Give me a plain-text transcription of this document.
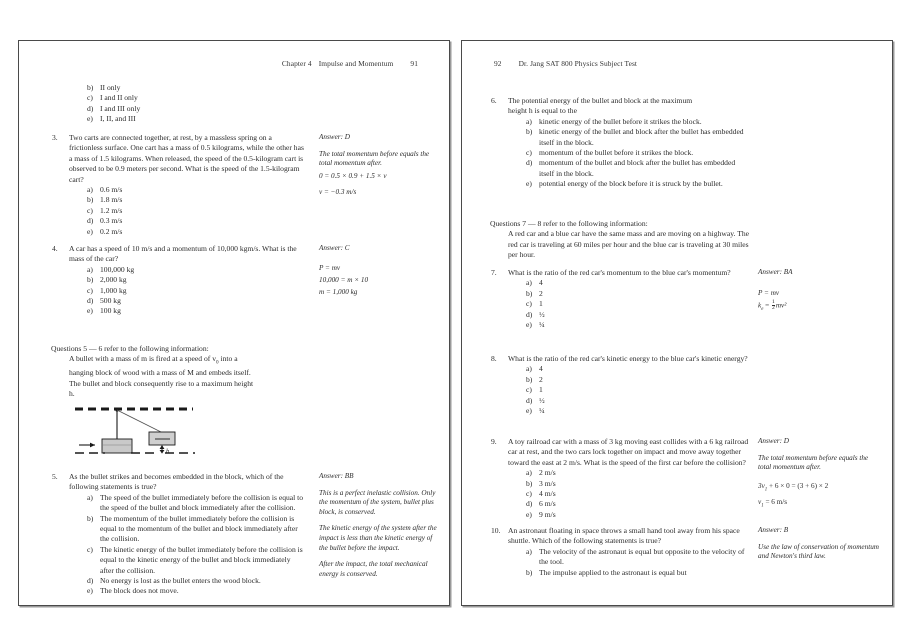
Chapter 4 Impulse and Momentum 91
b) II only
c) I and II only
d) I and III only
e) I, II, and III
3.	Two carts are connected together, at rest, by a massless spring on a frictionless surface. One cart has a mass of 0.5 kilograms, while the other has a mass of 1.5 kilograms. When released, the speed of the 0.5-kilogram cart is observed to be 0.9 meters per second. What is the speed of the 1.5-kilogram cart?
a) 0.6 m/s
b) 1.8 m/s
c) 1.2 m/s
d) 0.3 m/s
e) 0.2 m/s
Answer: D
The total momentum before equals the total momentum after.
0 = 0.5 × 0.9 + 1.5 × v
v = −0.3 m/s
4.	A car has a speed of 10 m/s and a momentum of 10,000 kgm/s. What is the mass of the car?
a) 100,000 kg
b) 2,000 kg
c) 1,000 kg
d) 500 kg
e) 100 kg
Answer: C
P = mv
10,000 = m × 10
m = 1,000 kg
Questions 5 — 6 refer to the following information:
A bullet with a mass of m is fired at a speed of $v_0$ into a
hanging block of wood with a mass of M and embeds itself.
The bullet and block consequently rise to a maximum height
h.
h
5.	As the bullet strikes and becomes embedded in the block, which of the following statements is true?
a) The speed of the bullet immediately before the collision is equal to the speed of the bullet and block immediately after the collision.
b) The momentum of the bullet immediately before the collision is equal to the momentum of the bullet and block immediately after the collision.
c) The kinetic energy of the bullet immediately before the collision is equal to the kinetic energy of the bullet and block immediately after the collision.
d) No energy is lost as the bullet enters the wood block.
e) The block does not move.
Answer: BB
This is a perfect inelastic collision. Only the momentum of the system, bullet plus block, is conserved.
The kinetic energy of the system after the impact is less than the kinetic energy of the bullet before the impact.
After the impact, the total mechanical energy is conserved.
92 Dr. Jang SAT 800 Physics Subject Test
6.	The potential energy of the bullet and block at the maximum
height h is equal to the
a) kinetic energy of the bullet before it strikes the block.
b) kinetic energy of the bullet and block after the bullet has embedded itself in the block.
c) momentum of the bullet before it strikes the block.
d) momentum of the bullet and block after the bullet has embedded itself in the block.
e) potential energy of the block before it is struck by the bullet.
Questions 7 — 8 refer to the following information:
A red car and a blue car have the same mass and are moving on a highway. The red car is traveling at 60 miles per hour and the blue car is traveling at 30 miles per hour.
7.	What is the ratio of the red car's momentum to the blue car's momentum?
a) 4
b) 2
c) 1
d) ½
e) ¼
Answer: BA
P = mv
$k_e = \frac{1}{2} mv^2$
8.	What is the ratio of the red car's kinetic energy to the blue car's kinetic energy?
a) 4
b) 2
c) 1
d) ½
e) ¼
9.	A toy railroad car with a mass of 3 kg moving east collides with a 6 kg railroad car at rest, and the two cars lock together on impact and move away together toward the east at 2 m/s. What is the speed of the first car before the collision?
a) 2 m/s
b) 3 m/s
c) 4 m/s
d) 6 m/s
e) 9 m/s
Answer: D
The total momentum before equals the total momentum after.
$3v_1 + 6 \times 0 = (3 + 6) \times 2$
$v_1 = 6$ m/s
10. An astronaut floating in space throws a small hand tool away from his space shuttle. Which of the following statements is true?
a) The velocity of the astronaut is equal but opposite to the velocity of the tool.
b) The impulse applied to the astronaut is equal but
Answer: B
Use the law of conservation of momentum and Newton's third law.
